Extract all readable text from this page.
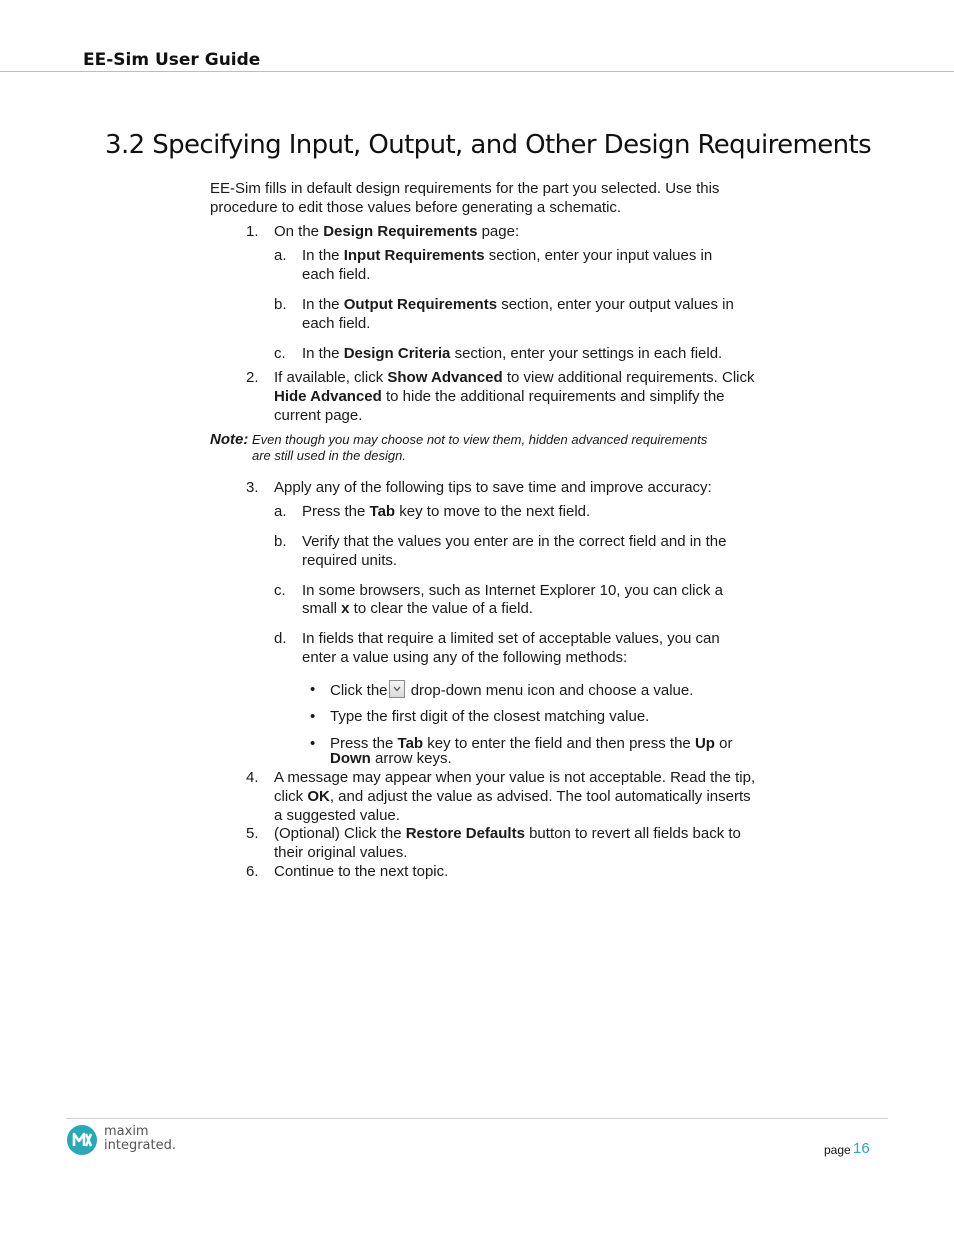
EE-Sim User Guide
3.2 Specifying Input, Output, and Other Design Requirements
EE-Sim fills in default design requirements for the part you selected. Use this
procedure to edit those values before generating a schematic.
1. On the Design Requirements page:
a. In the Input Requirements section, enter your input values in
each field.
b. In the Output Requirements section, enter your output values in
each field.
c. In the Design Criteria section, enter your settings in each field.
2. If available, click Show Advanced to view additional requirements. Click
Hide Advanced to hide the additional requirements and simplify the
current page.
Note: Even though you may choose not to view them, hidden advanced requirements
are still used in the design.
3. Apply any of the following tips to save time and improve accuracy:
a. Press the Tab key to move to the next field.
b. Verify that the values you enter are in the correct field and in the
required units.
c. In some browsers, such as Internet Explorer 10, you can click a
small x to clear the value of a field.
d. In fields that require a limited set of acceptable values, you can
enter a value using any of the following methods:
• Click the
drop-down menu icon and choose a value.
• Type the first digit of the closest matching value.
• Press the Tab key to enter the field and then press the Up or
Down arrow keys.
4. A message may appear when your value is not acceptable. Read the tip,
click OK, and adjust the value as advised. The tool automatically inserts
a suggested value.
5. (Optional) Click the Restore Defaults button to revert all fields back to
their original values.
6. Continue to the next topic.
maxim
integrated.	page 16
